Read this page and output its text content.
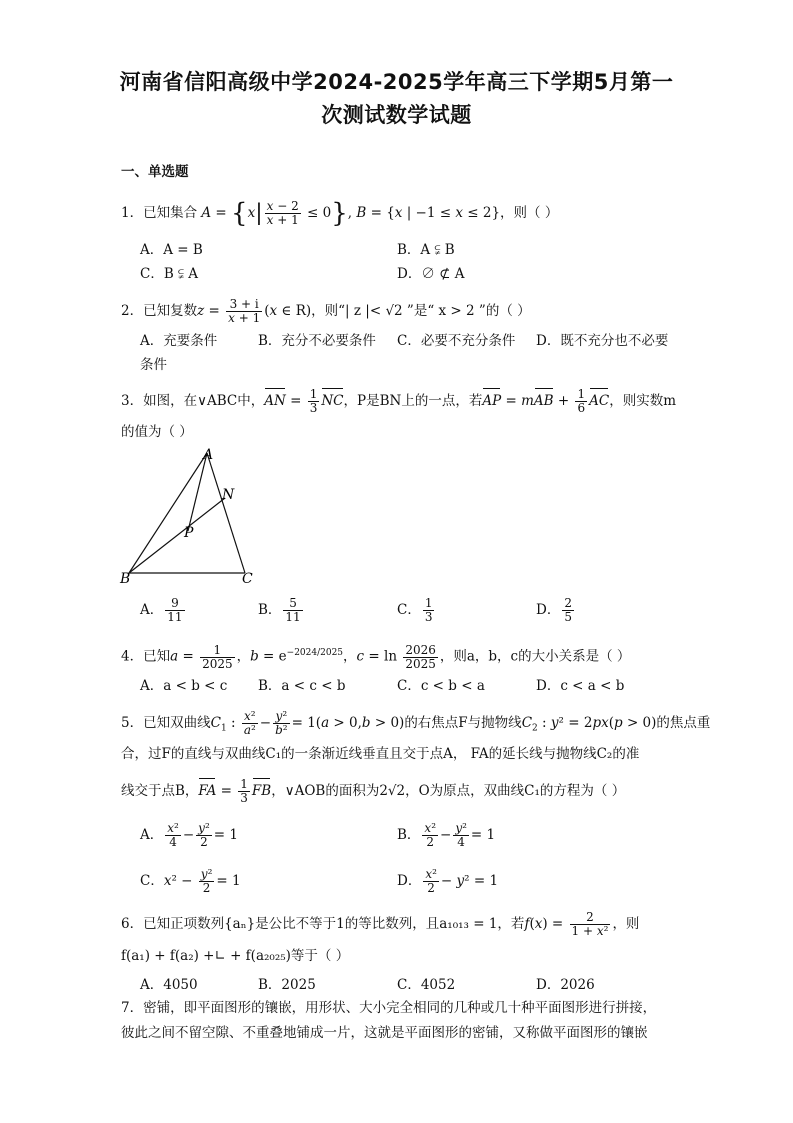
河南省信阳高级中学2024-2025学年高三下学期5月第一
次测试数学试题
一、单选题
1．已知集合 $A = \{x| \frac{x - 2}{x + 1} \le 0\}$, B = {x | −1 ≤ x ≤ 2}，则（ ）
A．A = B	B．A ⫋ B
C．B ⫋ A	D．∅ ⊄ A
2．已知复数$z = \frac{3 + i}{x + 1} (x$ ∈ R)，则“| z |< √2 ”是“ x > 2 ”的（ ）
A．充要条件	B．充分不必要条件 C．必要不充分条件 D．既不充分也不必要
条件
3．如图，在∨ABC中，AN = $\frac{1}{3}$ NC，P是BN上的一点，若AP = mAB + $\frac{1}{6}$ AC，则实数m
的值为（ ）
A
N
P
B	C
A． $\frac{9}{11}$	B． $\frac{5}{11}$	C． $\frac{1}{3}$	D． $\frac{2}{5}$
4．已知$a = \frac{1}{2025}$ ，$b = e^{-2024/2025}$，$c = \ln \frac{2026}{2025}$ ，则a，b，c的大小关系是（ ）
A．a < b < c B．a < c < b	C．c < b < a	D．c < a < b
5．已知双曲线$C_1$ : $\frac{\text{x²}}{\text{a²}} - \frac{\text{y²}}{\text{b²}} = 1(a > 0,b > 0)$的右焦点F与抛物线$C_2$ : y² = 2px(p > 0)的焦点重
合，过F的直线与双曲线C₁的一条渐近线垂直且交于点A， FA的延长线与抛物线C₂的准
线交于点B，FA = $\frac{1}{3}$ FB，∨AOB的面积为2√2，O为原点，双曲线C₁的方程为（ ）
A． $\frac{\text{x²}}{4} - \frac{\text{y²}}{2} = 1$	B． $\frac{\text{x²}}{2} - \frac{\text{y²}}{4} = 1$
C．$x^2 - \frac{\text{y²}}{2} = 1$	D． $\frac{\text{x²}}{2} - y^2 = 1$
6．已知正项数列{aₙ}是公比不等于1的等比数列，且a₁₀₁₃ = 1，若$f(x) = \frac{2}{\text{1 + x²}}$ ，则
f(a₁) + f(a₂) +∟ + f(a₂₀₂₅)等于（ ）
A．4050	B．2025	C．4052	D．2026
7．密铺，即平面图形的镶嵌，用形状、大小完全相同的几种或几十种平面图形进行拼接，
彼此之间不留空隙、不重叠地铺成一片，这就是平面图形的密铺，又称做平面图形的镶嵌
